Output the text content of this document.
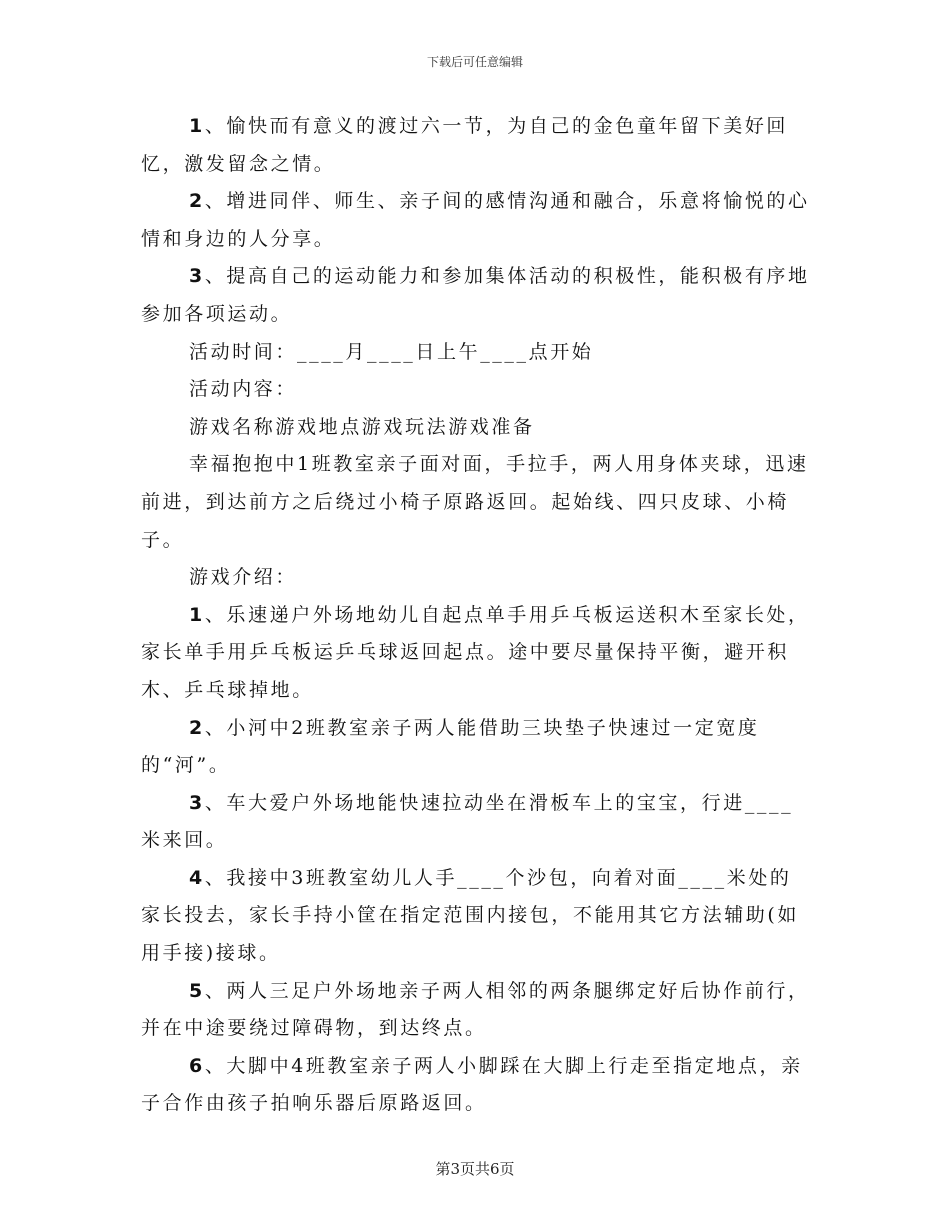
下载后可任意编辑

1、愉快而有意义的渡过六一节，为自己的金色童年留下美好回忆，激发留念之情。

2、增进同伴、师生、亲子间的感情沟通和融合，乐意将愉悦的心情和身边的人分享。

3、提高自己的运动能力和参加集体活动的积极性，能积极有序地参加各项运动。

活动时间：____月____日上午____点开始

活动内容：

游戏名称游戏地点游戏玩法游戏准备

幸福抱抱中1班教室亲子面对面，手拉手，两人用身体夹球，迅速前进，到达前方之后绕过小椅子原路返回。起始线、四只皮球、小椅子。

游戏介绍：

1、乐速递户外场地幼儿自起点单手用乒乓板运送积木至家长处，家长单手用乒乓板运乒乓球返回起点。途中要尽量保持平衡，避开积木、乒乓球掉地。

2、小河中2班教室亲子两人能借助三块垫子快速过一定宽度的“河”。

3、车大爱户外场地能快速拉动坐在滑板车上的宝宝，行进____米来回。

4、我接中3班教室幼儿人手____个沙包，向着对面____米处的家长投去，家长手持小筐在指定范围内接包，不能用其它方法辅助(如用手接)接球。

5、两人三足户外场地亲子两人相邻的两条腿绑定好后协作前行，并在中途要绕过障碍物，到达终点。

6、大脚中4班教室亲子两人小脚踩在大脚上行走至指定地点，亲子合作由孩子拍响乐器后原路返回。

第3页共6页
